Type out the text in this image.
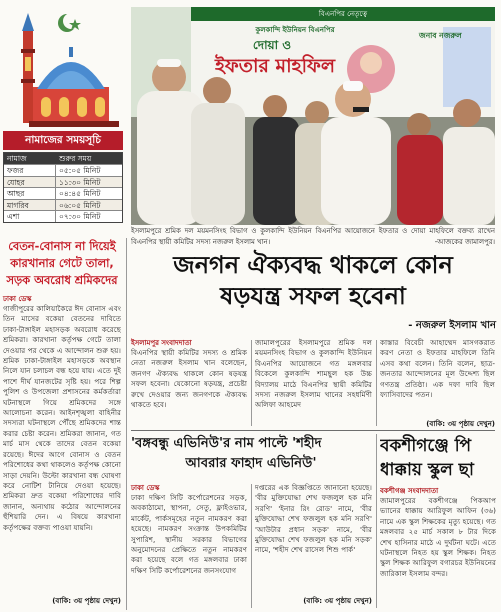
নামাজের সময়সূচি
নামাজ	শুরুর সময়
ফজর	০৫:০৫ মিনিট
যোহর	১১:৩০ মিনিট
আছর	০৪:৪৫ মিনিট
মাগরিব	০৬:০৫ মিনিট
এশা	০৭:৩০ মিনিট
বিএনপির নেতৃত্বে
কুলকান্দি ইউনিয়ন বিএনপির
দোয়া ও
ইফতার মাহফিল
জনাব নজরুল
ইসলামপুরে শ্রমিক দল ময়মনসিংহ বিভাগ ও কুলকান্দি ইউনিয়ন বিএনপির আয়োজনে ইফতার ও দোয়া মাহফিলে বক্তব্য রাখেন বিএনপির স্থায়ী কমিটির সদস্য নজরুল ইসলাম খান।	-আজকের জামালপুর।
বেতন-বোনাস না দিয়েই কারখানার গেটে তালা, সড়ক অবরোধ শ্রমিকদের
ঢাকা ডেস্ক
গাজীপুরের কালিয়াকৈরে ঈদ বোনাস এবং তিন মাসের বকেয়া বেতনের দাবিতে ঢাকা-টাঙ্গাইল মহাসড়ক অবরোধ করেছে শ্রমিকরা। কারখানা কর্তৃপক্ষ গেটে তালা দেওয়ার পর থেকে এ আন্দোলন শুরু হয়। শ্রমিক ঢাকা-টাঙ্গাইল মহাসড়কে অবস্থান নিলে যান চলাচল বন্ধ হয়ে যায়। এতে দুই পাশে দীর্ঘ যানজটের সৃষ্টি হয়। পরে শিল্প পুলিশ ও উপজেলা প্রশাসনের কর্মকর্তারা ঘটনাস্থলে গিয়ে শ্রমিকদের সঙ্গে আলোচনা করেন। আইনশৃঙ্খলা বাহিনীর সদস্যরা ঘটনাস্থলে পৌঁছে শ্রমিকদের শান্ত করার চেষ্টা করেন। শ্রমিকরা জানান, গত মার্চ মাস থেকে তাদের বেতন বকেয়া রয়েছে। ঈদের আগে বোনাস ও বেতন পরিশোধের কথা থাকলেও কর্তৃপক্ষ কোনো সাড়া দেয়নি। উল্টো কারখানা বন্ধ ঘোষণা করে নোটিশ টানিয়ে দেওয়া হয়েছে। শ্রমিকরা দ্রুত বকেয়া পরিশোধের দাবি জানান, অন্যথায় কঠোর আন্দোলনের হুঁশিয়ারি দেন। এ বিষয়ে কারখানা কর্তৃপক্ষের বক্তব্য পাওয়া যায়নি।
(বাকি: ৩য় পৃষ্ঠায় দেখুন)
জনগন ঐক্যবদ্ধ থাকলে কোন
ষড়যন্ত্র সফল হবেনা
- নজরুল ইসলাম খান
ইসলামপুর সংবাদদাতা
বিএনপির স্থায়ী কমিটির সদস্য ও শ্রমিক নেতা নজরুল ইসলাম খান বলেছেন, জনগণ ঐক্যবদ্ধ থাকলে কোন ষড়যন্ত্র সফল হবেনা। যেকোনো ষড়যন্ত্র, প্রচেষ্টা রুখে দেওয়ার জন্য জনগণকে ঐক্যবদ্ধ থাকতে হবে।
জামালপুরের ইসলামপুরে শ্রমিক দল ময়মনসিংহ বিভাগ ও কুলকান্দি ইউনিয়ন বিএনপির আয়োজনে গত মঙ্গলবার বিকেলে কুলকান্দি শামছুল হক উচ্চ বিদ্যালয় মাঠে বিএনপির স্থায়ী কমিটির সদস্য নজরুল ইসলাম খানের সহধর্মিণী অলিফা আহমেদ
কাস্তার বিবেচী আহাম্মেদ মাসগকরাত করণ নেতা ও ইফতার মাহফিলে তিনি এসব কথা বলেন। তিনি বলেন, ছাত্র-জনতার আন্দোলনের মূল উদ্দেশ্য ছিল গণতন্ত্র প্রতিষ্ঠা। এক দফা দাবি ছিল ফ্যাসিবাদের পতন।
(বাকি: ৩য় পৃষ্ঠায় দেখুন)
'বঙ্গবন্ধু এভিনিউ'র নাম পাল্টে 'শহীদ
আবরার ফাহাদ এভিনিউ'
ঢাকা ডেস্ক
ঢাকা দক্ষিণ সিটি কর্পোরেশনের সড়ক, অবকাঠামো, স্থাপনা, সেতু, ফ্লাইওভার, মার্কেট, পার্কসমূহের নতুন নামকরণ করা হয়েছে। নামকরণ সংক্রান্ত উপকমিটির সুপারিশ, স্থানীয় সরকার বিভাগের অনুমোদনের প্রেক্ষিতে নতুন নামকরণ করা হয়েছে বলে গত মঙ্গলবার ঢাকা দক্ষিণ সিটি কর্পোরেশনের জনসংযোগ
দপ্তরের এক বিজ্ঞপ্তিতে জানানো হয়েছে। 'বীর মুক্তিযোদ্ধা শেখ ফজলুল হক মনি সরণি' 'ইনার রিং রোড' নামে, 'বীর মুক্তিযোদ্ধা শেখ ফজলুল হক মনি সরণি' 'আউটার প্রধান সড়ক' নামে, 'বীর মুক্তিযোদ্ধা শেখ ফজলুল হক মনি সড়ক' নামে, 'শহীদ শেখ রাসেল শিশু পার্ক'
(বাকি: ৩য় পৃষ্ঠায় দেখুন)
বকশীগঞ্জে পি
ধাক্কায় স্কুল ছা
বকশীগঞ্জ সংবাদদাতা
জামালপুরের বকশীগঞ্জে পিকআপ ভ্যানের ধাক্কায় আরিফুল আফিন (৩৬) নামে এক স্কুল শিক্ষকের মৃত্যু হয়েছে। গত মঙ্গলবার ২৫ মার্চ সকাল ৮ টার দিকে শেখ হাসিনার মাঠে এ দুর্ঘটনা ঘটে। এতে ঘটনাস্থলে নিহত হয় স্কুল শিক্ষক। নিহত স্কুল শিক্ষক আরিফুল বগারচর ইউনিয়নের জারিকাল ইসলাম বন্দর।
